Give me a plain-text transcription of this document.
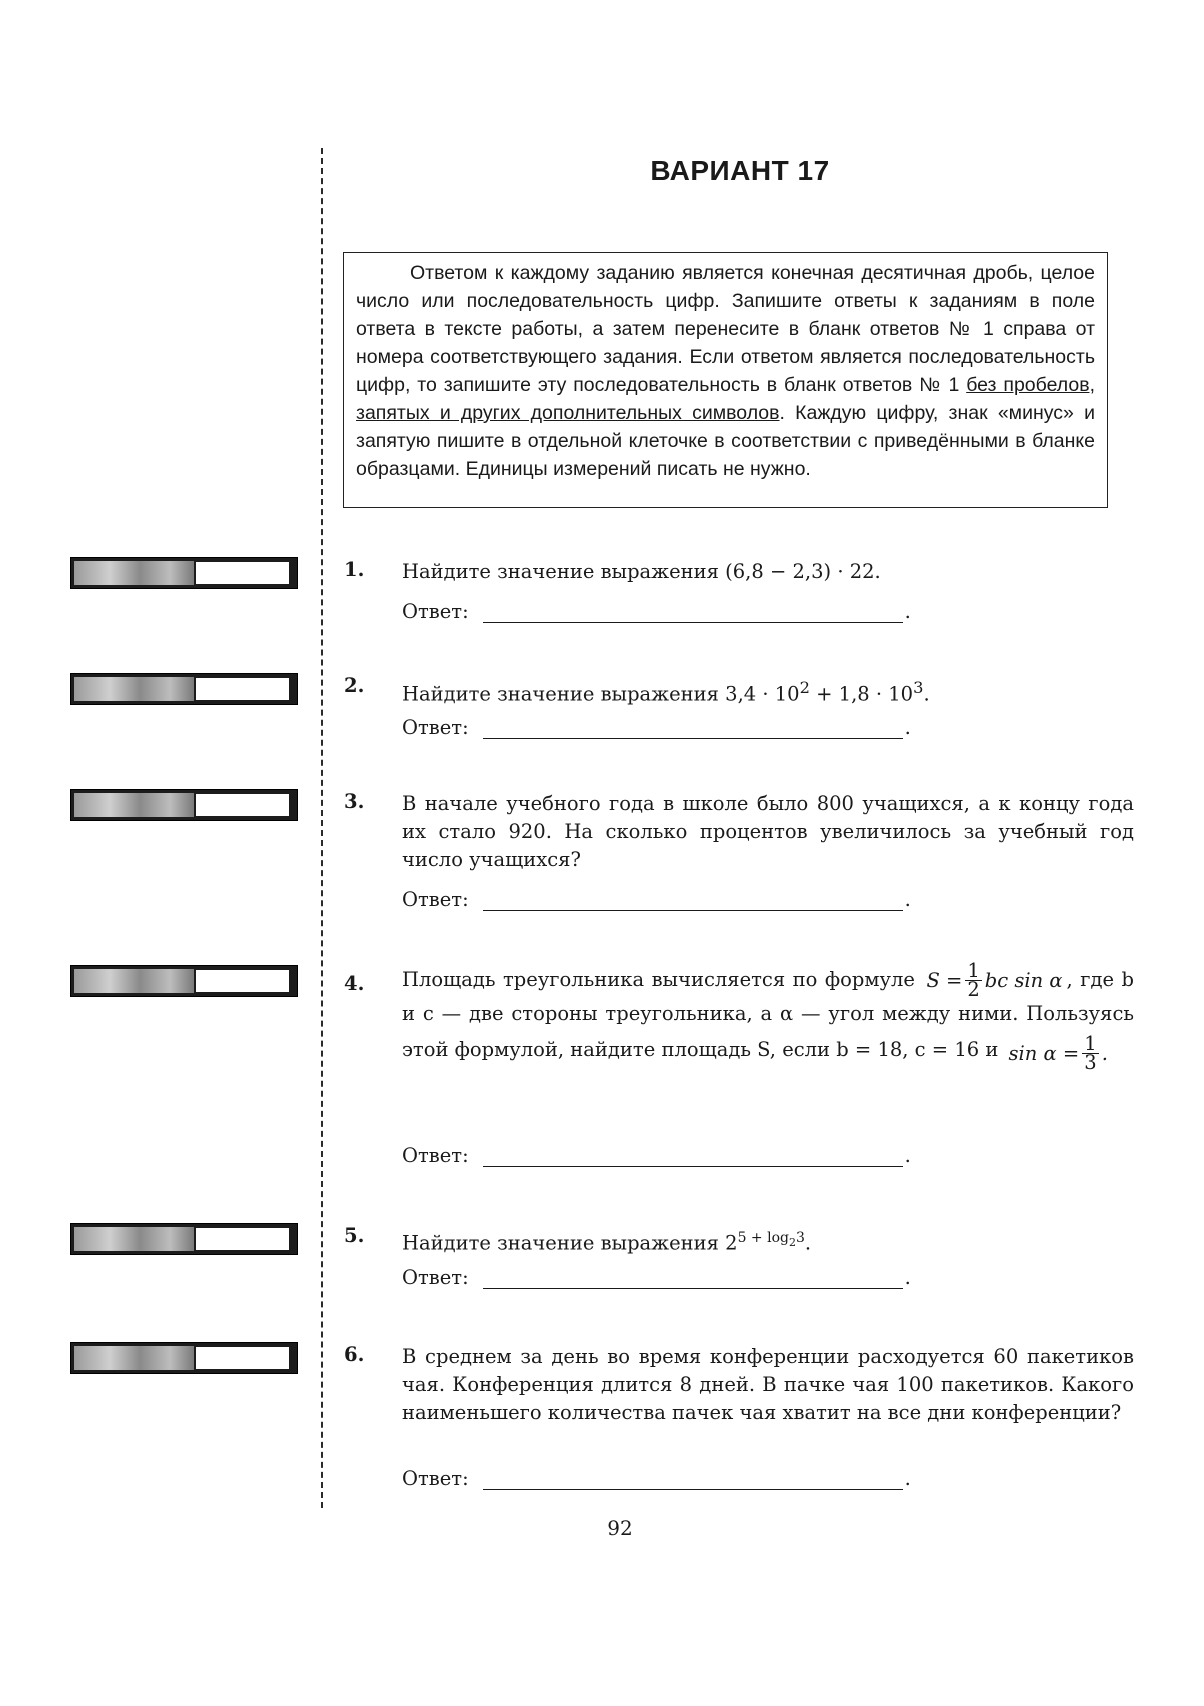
ВАРИАНТ 17

Ответом к каждому заданию является конечная десятичная дробь, целое число или последовательность цифр. Запишите ответы к заданиям в поле ответа в тексте работы, а затем перенесите в бланк ответов № 1 справа от номера соответствующего задания. Если ответом является последовательность цифр, то запишите эту последовательность в бланк ответов № 1 без пробелов, запятых и других дополнительных символов. Каждую цифру, знак «минус» и запятую пишите в отдельной клеточке в соответствии с приведёнными в бланке образцами. Единицы измерений писать не нужно.

1. Найдите значение выражения (6,8 − 2,3) · 22.
Ответ:	.
2. Найдите значение выражения $3,4 \cdot 10^2 + 1,8 \cdot 10^3$.
Ответ:	.
3. В начале учебного года в школе было 800 учащихся, а к концу года их стало 920. На сколько процентов увеличилось за учебный год число учащихся?
Ответ:	.
4. Площадь треугольника вычисляется по формуле $S = \frac{1}{2}$ bc sin α , где b и c — две стороны треугольника, а α — угол между ними. Пользуясь этой формулой, найдите площадь S, если b = 18, c = 16 и $\sin \alpha = \frac{1}{3}$ .
Ответ:	.
5. Найдите значение выражения $2^{5 + log_23}$.
Ответ:	.
6. В среднем за день во время конференции расходуется 60 пакетиков чая. Конференция длится 8 дней. В пачке чая 100 пакетиков. Какого наименьшего количества пачек чая хватит на все дни конференции?
Ответ:	.
92
